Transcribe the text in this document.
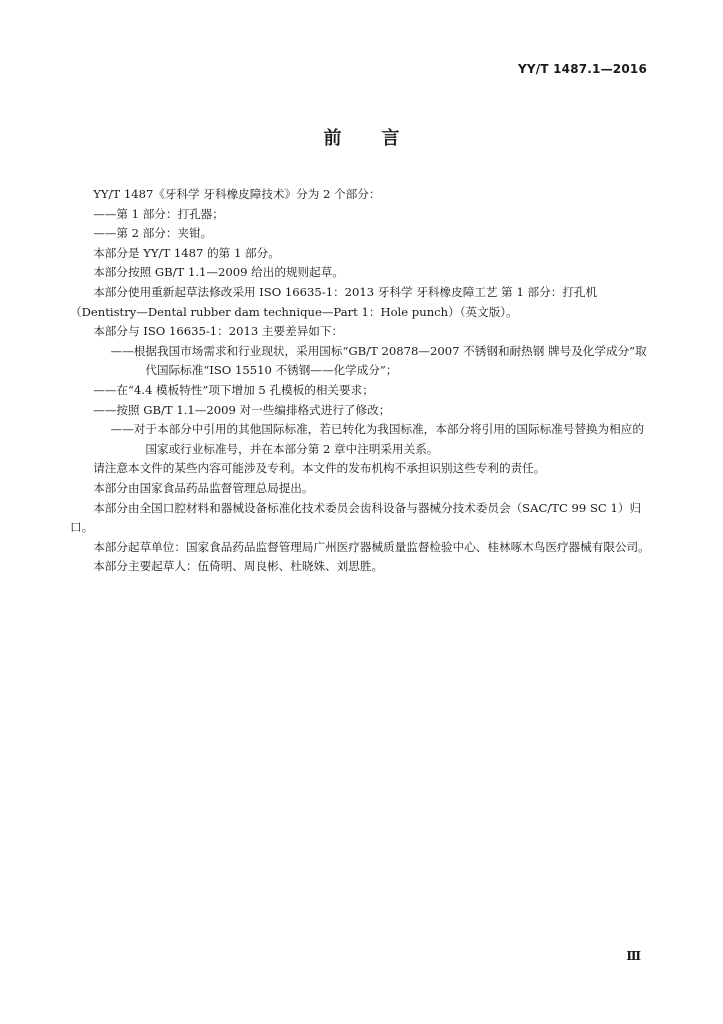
YY/T 1487.1—2016
前言

YY/T 1487《牙科学 牙科橡皮障技术》分为 2 个部分：

——第 1 部分：打孔器；

——第 2 部分：夹钳。

本部分是 YY/T 1487 的第 1 部分。

本部分按照 GB/T 1.1—2009 给出的规则起草。

本部分使用重新起草法修改采用 ISO 16635-1：2013 牙科学 牙科橡皮障工艺 第 1 部分：打孔机（Dentistry—Dental rubber dam technique—Part 1：Hole punch）（英文版）。

本部分与 ISO 16635-1：2013 主要差异如下：

——根据我国市场需求和行业现状，采用国标“GB/T 20878—2007 不锈钢和耐热钢 牌号及化学成分”取代国际标准“ISO 15510 不锈钢——化学成分”；

——在“4.4 模板特性”项下增加 5 孔模板的相关要求；

——按照 GB/T 1.1—2009 对一些编排格式进行了修改；

——对于本部分中引用的其他国际标准，若已转化为我国标准，本部分将引用的国际标准号替换为相应的国家或行业标准号，并在本部分第 2 章中注明采用关系。

请注意本文件的某些内容可能涉及专利。本文件的发布机构不承担识别这些专利的责任。

本部分由国家食品药品监督管理总局提出。

本部分由全国口腔材料和器械设备标准化技术委员会齿科设备与器械分技术委员会（SAC/TC 99 SC 1）归口。

本部分起草单位：国家食品药品监督管理局广州医疗器械质量监督检验中心、桂林啄木鸟医疗器械有限公司。

本部分主要起草人：伍倚明、周良彬、杜晓姝、刘思胜。

Ⅲ
